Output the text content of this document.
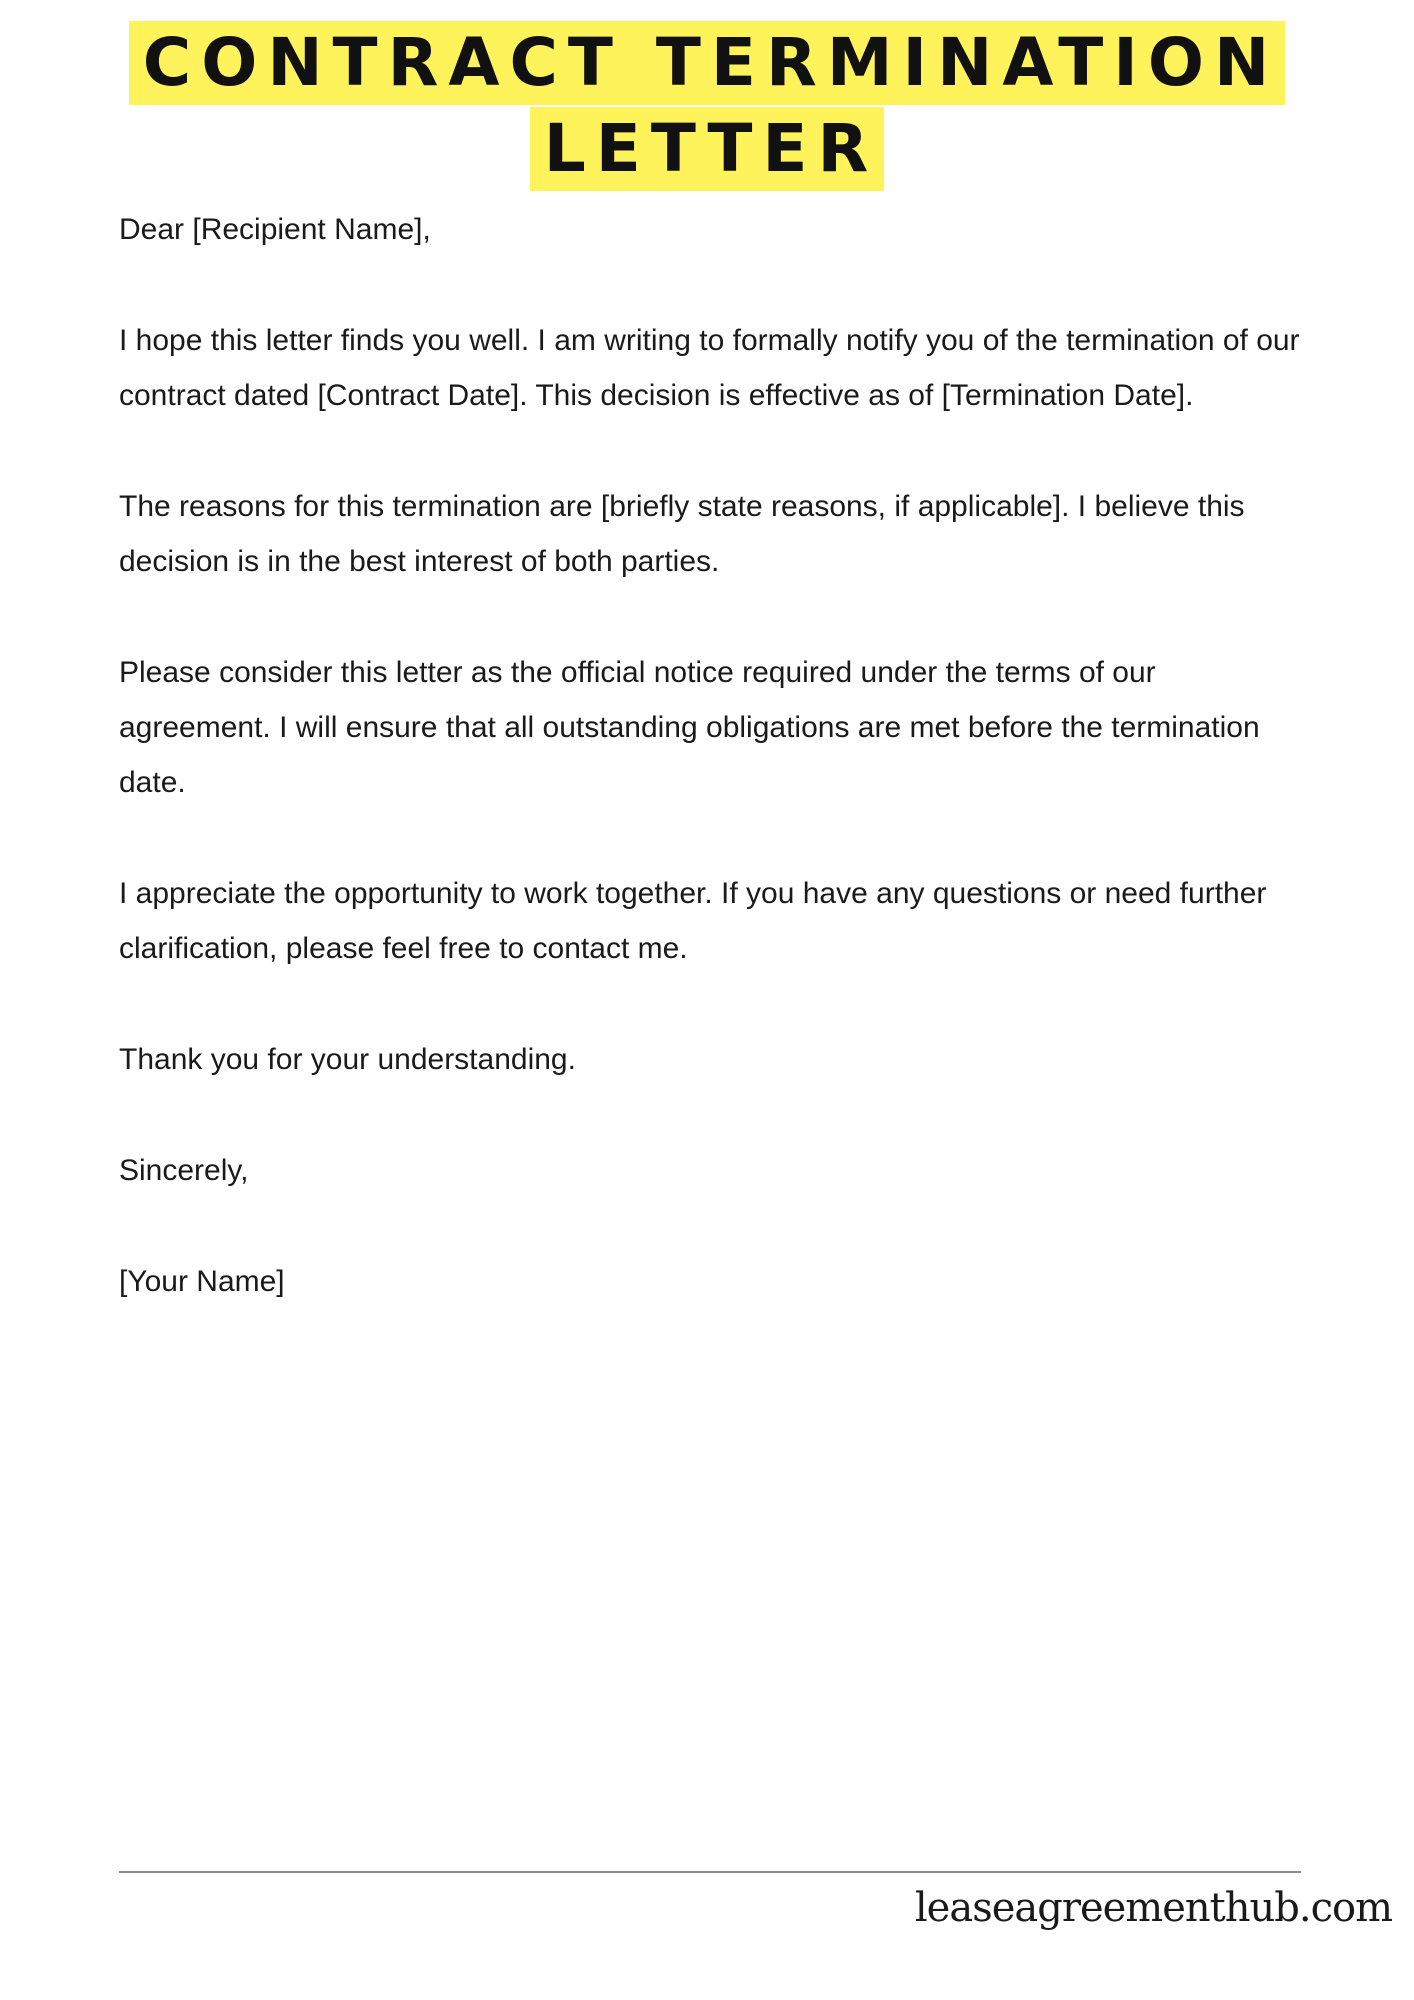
CONTRACT TERMINATION
LETTER

Dear [Recipient Name],

I hope this letter finds you well. I am writing to formally notify you of the termination of our contract dated [Contract Date]. This decision is effective as of [Termination Date].

The reasons for this termination are [briefly state reasons, if applicable]. I believe this decision is in the best interest of both parties.

Please consider this letter as the official notice required under the terms of our agreement. I will ensure that all outstanding obligations are met before the termination date.

I appreciate the opportunity to work together. If you have any questions or need further clarification, please feel free to contact me.

Thank you for your understanding.

Sincerely,

[Your Name]

leaseagreementhub.com
